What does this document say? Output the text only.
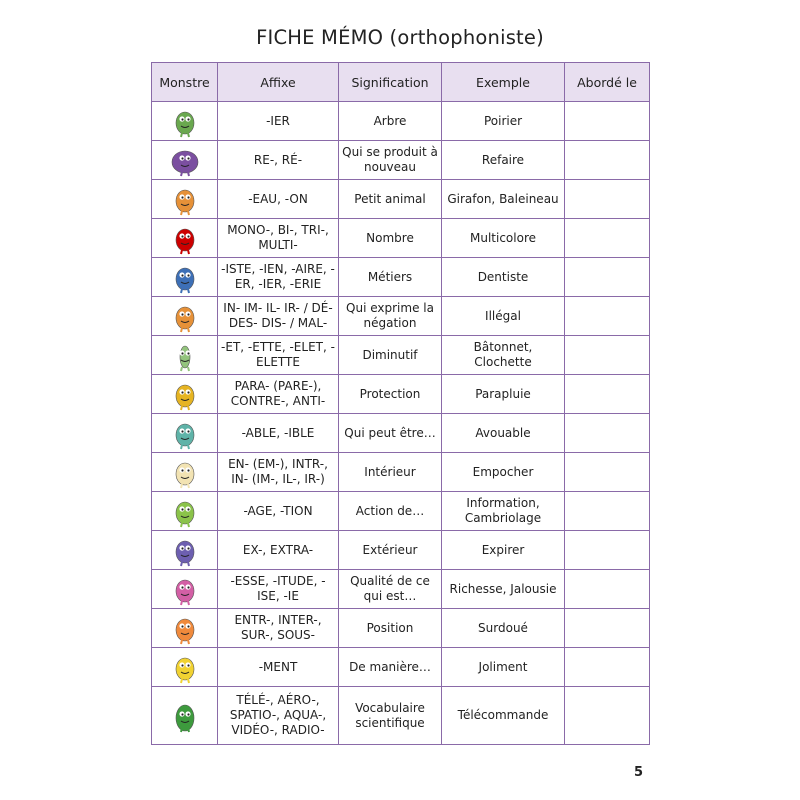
FICHE MÉMO (orthophoniste)
Monstre	Affixe	Signification	Exemple	Abordé le

	-IER	Arbre	Poirier	

	RE-, RÉ-	Qui se produit à nouveau	Refaire	

	-EAU, -ON	Petit animal	Girafon, Baleineau	

	MONO-, BI-, TRI-, MULTI-	Nombre	Multicolore	

	-ISTE, -IEN, -AIRE, -ER, -IER, -ERIE	Métiers	Dentiste	

	IN- IM- IL- IR- / DÉ- DES- DIS- / MAL-	Qui exprime la négation	Illégal	

	-ET, -ETTE, -ELET, -ELETTE	Diminutif	Bâtonnet, Clochette	

	PARA- (PARE-), CONTRE-, ANTI-	Protection	Parapluie	

	-ABLE, -IBLE	Qui peut être…	Avouable	

	EN- (EM-), INTR-, IN- (IM-, IL-, IR-)	Intérieur	Empocher	

	-AGE, -TION	Action de…	Information, Cambriolage	

	EX-, EXTRA-	Extérieur	Expirer	

	-ESSE, -ITUDE, -ISE, -IE	Qualité de ce qui est…	Richesse, Jalousie	

	ENTR-, INTER-, SUR-, SOUS-	Position	Surdoué	

	-MENT	De manière…	Joliment	

	TÉLÉ-, AÉRO-, SPATIO-, AQUA-, VIDÉO-, RADIO-	Vocabulaire scientifique	Télécommande	
5
